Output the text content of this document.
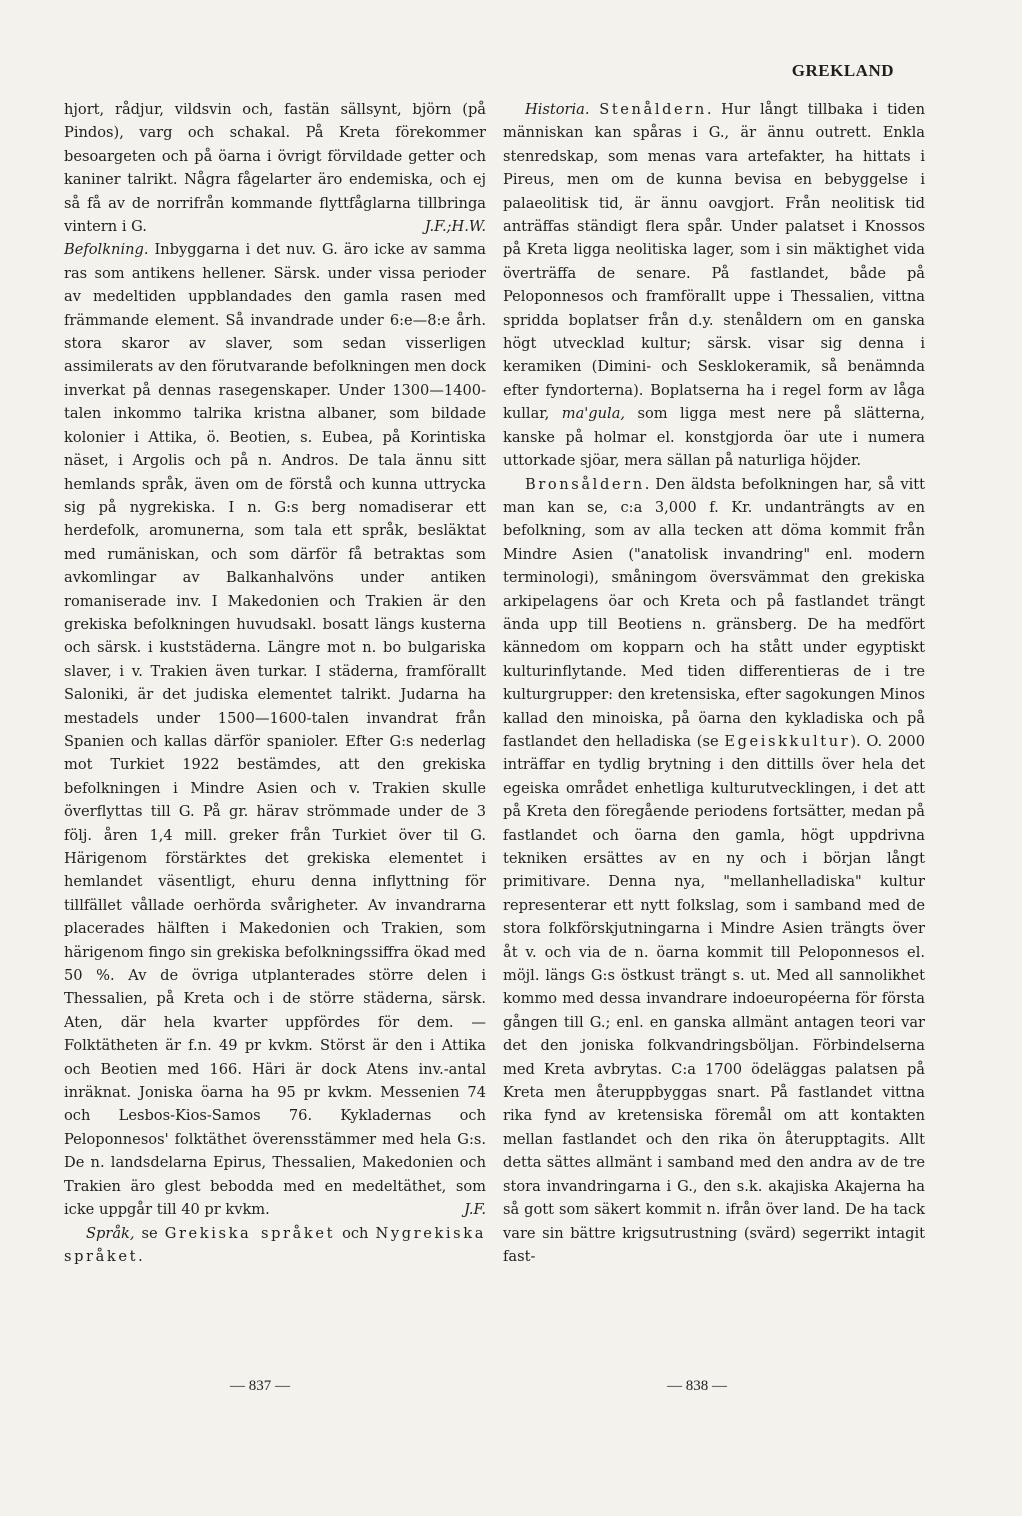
GREKLAND

hjort, rådjur, vildsvin och, fastän sällsynt, björn (på Pindos), varg och schakal. På Kreta förekommer besoargeten och på öarna i övrigt förvildade getter och kaniner talrikt. Några fågelarter äro endemiska, och ej så få av de norrifrån kommande flyttfåglarna tillbringa vintern i G.	J.F.;H.W.

Befolkning. Inbyggarna i det nuv. G. äro icke av samma ras som antikens hellener. Särsk. under vissa perioder av medeltiden uppblandades den gamla rasen med främmande element. Så invandrade under 6:e—8:e årh. stora skaror av slaver, som sedan visserligen assimilerats av den förutvarande befolkningen men dock inverkat på dennas rasegenskaper. Under 1300—1400-talen inkommo talrika kristna albaner, som bildade kolonier i Attika, ö. Beotien, s. Eubea, på Korintiska näset, i Argolis och på n. Andros. De tala ännu sitt hemlands språk, även om de förstå och kunna uttrycka sig på nygrekiska. I n. G:s berg nomadiserar ett herdefolk, aromunerna, som tala ett språk, besläktat med rumäniskan, och som därför få betraktas som avkomlingar av Balkanhalvöns under antiken romaniserade inv. I Makedonien och Trakien är den grekiska befolkningen huvudsakl. bosatt längs kusterna och särsk. i kuststäderna. Längre mot n. bo bulgariska slaver, i v. Trakien även turkar. I städerna, framförallt Saloniki, är det judiska elementet talrikt. Judarna ha mestadels under 1500—1600-talen invandrat från Spanien och kallas därför spanioler. Efter G:s nederlag mot Turkiet 1922 bestämdes, att den grekiska befolkningen i Mindre Asien och v. Trakien skulle överflyttas till G. På gr. härav strömmade under de 3 följ. åren 1,4 mill. greker från Turkiet över til G. Härigenom förstärktes det grekiska elementet i hemlandet väsentligt, ehuru denna inflyttning för tillfället vållade oerhörda svårigheter. Av invandrarna placerades hälften i Makedonien och Trakien, som härigenom fingo sin grekiska befolkningssiffra ökad med 50 %. Av de övriga utplanterades större delen i Thessalien, på Kreta och i de större städerna, särsk. Aten, där hela kvarter uppfördes för dem. — Folktätheten är f.n. 49 pr kvkm. Störst är den i Attika och Beotien med 166. Häri är dock Atens inv.-antal inräknat. Joniska öarna ha 95 pr kvkm. Messenien 74 och Lesbos-Kios-Samos 76. Kykladernas och Peloponnesos' folktäthet överensstämmer med hela G:s. De n. landsdelarna Epirus, Thessalien, Makedonien och Trakien äro glest bebodda med en medeltäthet, som icke uppgår till 40 pr kvkm.	J.F.

Språk, se Grekiska språket och Nygrekiska språket.

Historia. Stenåldern. Hur långt tillbaka i tiden människan kan spåras i G., är ännu outrett. Enkla stenredskap, som menas vara artefakter, ha hittats i Pireus, men om de kunna bevisa en bebyggelse i palaeolitisk tid, är ännu oavgjort. Från neolitisk tid anträffas ständigt flera spår. Under palatset i Knossos på Kreta ligga neolitiska lager, som i sin mäktighet vida överträffa de senare. På fastlandet, både på Peloponnesos och framförallt uppe i Thessalien, vittna spridda boplatser från d.y. stenåldern om en ganska högt utvecklad kultur; särsk. visar sig denna i keramiken (Dimini- och Sesklokeramik, så benämnda efter fyndorterna). Boplatserna ha i regel form av låga kullar, ma'gula, som ligga mest nere på slätterna, kanske på holmar el. konstgjorda öar ute i numera uttorkade sjöar, mera sällan på naturliga höjder.

Bronsåldern. Den äldsta befolkningen har, så vitt man kan se, c:a 3,000 f. Kr. undanträngts av en befolkning, som av alla tecken att döma kommit från Mindre Asien ("anatolisk invandring" enl. modern terminologi), småningom översvämmat den grekiska arkipelagens öar och Kreta och på fastlandet trängt ända upp till Beotiens n. gränsberg. De ha medfört kännedom om kopparn och ha stått under egyptiskt kulturinflytande. Med tiden differentieras de i tre kulturgrupper: den kretensiska, efter sagokungen Minos kallad den minoiska, på öarna den kykladiska och på fastlandet den helladiska (se Egeiskkultur). O. 2000 inträffar en tydlig brytning i den dittills över hela det egeiska området enhetliga kulturutvecklingen, i det att på Kreta den föregående periodens fortsätter, medan på fastlandet och öarna den gamla, högt uppdrivna tekniken ersättes av en ny och i början långt primitivare. Denna nya, "mellanhelladiska" kultur representerar ett nytt folkslag, som i samband med de stora folkförskjutningarna i Mindre Asien trängts över åt v. och via de n. öarna kommit till Peloponnesos el. möjl. längs G:s östkust trängt s. ut. Med all sannolikhet kommo med dessa invandrare indoeuropéerna för första gången till G.; enl. en ganska allmänt antagen teori var det den joniska folkvandringsböljan. Förbindelserna med Kreta avbrytas. C:a 1700 ödeläggas palatsen på Kreta men återuppbyggas snart. På fastlandet vittna rika fynd av kretensiska föremål om att kontakten mellan fastlandet och den rika ön återupptagits. Allt detta sättes allmänt i samband med den andra av de tre stora invandringarna i G., den s.k. akajiska Akajerna ha så gott som säkert kommit n. ifrån över land. De ha tack vare sin bättre krigsutrustning (svärd) segerrikt intagit fast-

— 837 —	— 838 —
